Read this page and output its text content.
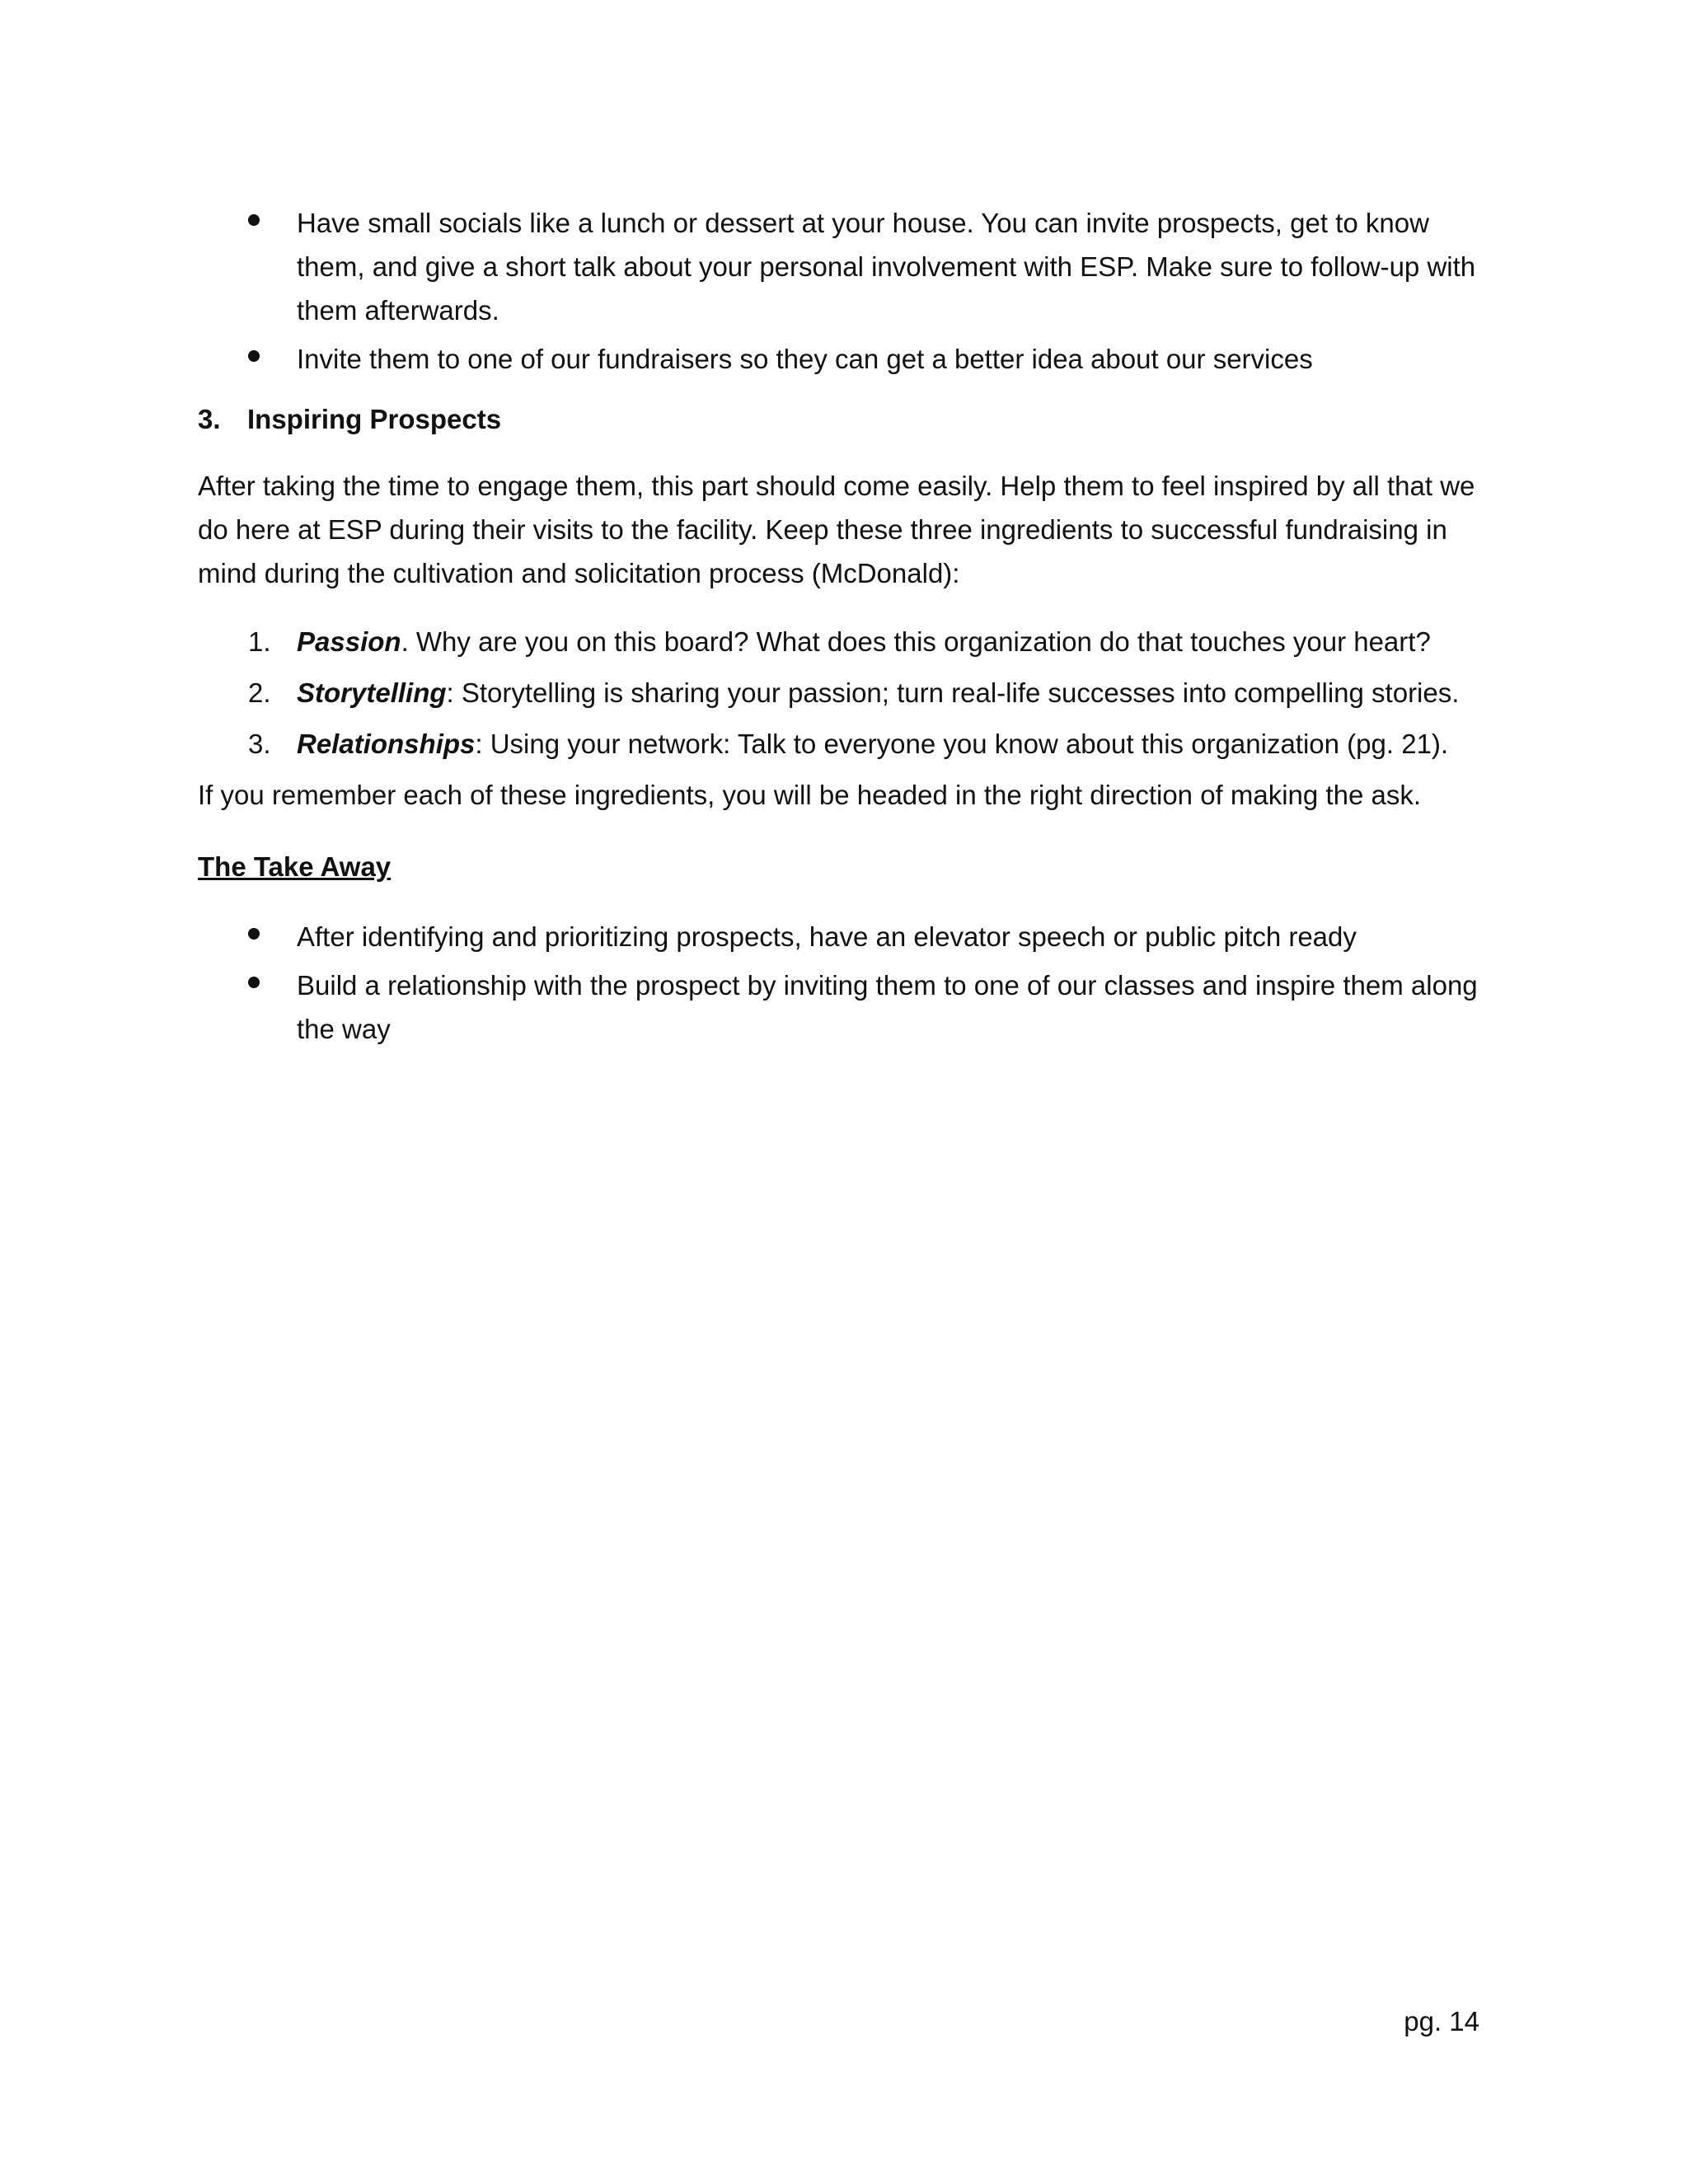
Have small socials like a lunch or dessert at your house. You can invite prospects, get to know them, and give a short talk about your personal involvement with ESP. Make sure to follow-up with them afterwards.
Invite them to one of our fundraisers so they can get a better idea about our services
3. Inspiring Prospects

After taking the time to engage them, this part should come easily. Help them to feel inspired by all that we do here at ESP during their visits to the facility. Keep these three ingredients to successful fundraising in mind during the cultivation and solicitation process (McDonald):

1. Passion. Why are you on this board? What does this organization do that touches your heart?
2. Storytelling: Storytelling is sharing your passion; turn real-life successes into compelling stories.
3. Relationships: Using your network: Talk to everyone you know about this organization (pg. 21).

If you remember each of these ingredients, you will be headed in the right direction of making the ask.

The Take Away
After identifying and prioritizing prospects, have an elevator speech or public pitch ready
Build a relationship with the prospect by inviting them to one of our classes and inspire them along the way
pg. 14
